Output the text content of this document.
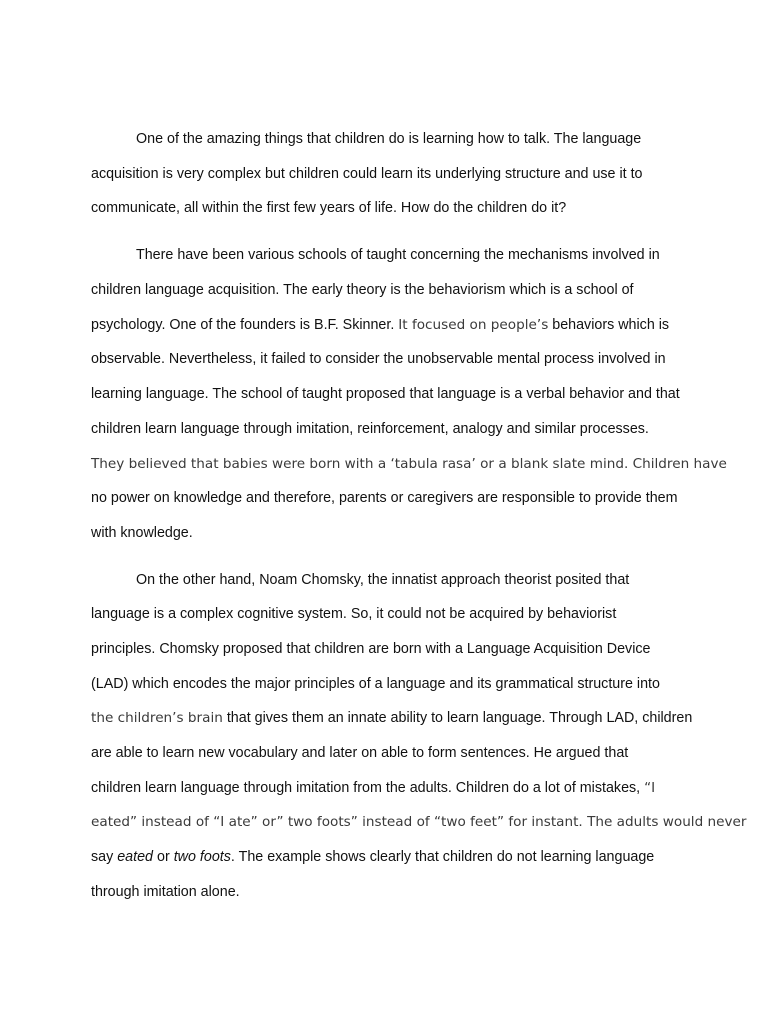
One of the amazing things that children do is learning how to talk. The language

acquisition is very complex but children could learn its underlying structure and use it to

communicate, all within the first few years of life. How do the children do it?

There have been various schools of taught concerning the mechanisms involved in

children language acquisition. The early theory is the behaviorism which is a school of

psychology. One of the founders is B.F. Skinner. It focused on people’s behaviors which is

observable. Nevertheless, it failed to consider the unobservable mental process involved in

learning language. The school of taught proposed that language is a verbal behavior and that

children learn language through imitation, reinforcement, analogy and similar processes.

They believed that babies were born with a ‘tabula rasa’ or a blank slate mind. Children have

no power on knowledge and therefore, parents or caregivers are responsible to provide them

with knowledge.

On the other hand, Noam Chomsky, the innatist approach theorist posited that

language is a complex cognitive system. So, it could not be acquired by behaviorist

principles. Chomsky proposed that children are born with a Language Acquisition Device

(LAD) which encodes the major principles of a language and its grammatical structure into

the children’s brain that gives them an innate ability to learn language. Through LAD, children

are able to learn new vocabulary and later on able to form sentences. He argued that

children learn language through imitation from the adults. Children do a lot of mistakes, “I

eated” instead of “I ate” or” two foots” instead of “two feet” for instant. The adults would never

say eated or two foots. The example shows clearly that children do not learning language

through imitation alone.
